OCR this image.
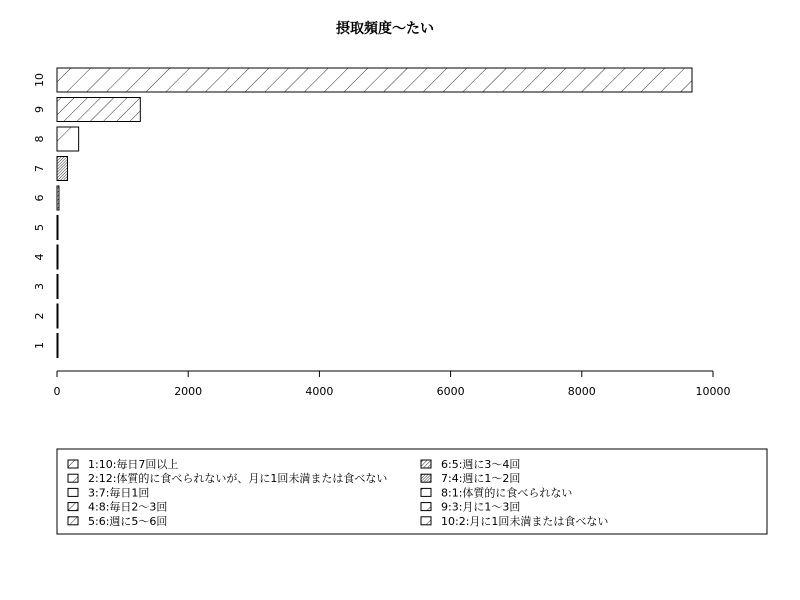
摂取頻度〜たい
1
2
3
4
5
6
7
8
9
10
0	2000	4000	6000	8000	10000
1:10:毎日7回以上
2:12:体質的に食べられないが、月に1回未満または食べない
3:7:毎日1回
4:8:毎日2〜3回
5:6:週に5〜6回
6:5:週に3〜4回
7:4:週に1〜2回
8:1:体質的に食べられない
9:3:月に1〜3回
10:2:月に1回未満または食べない
